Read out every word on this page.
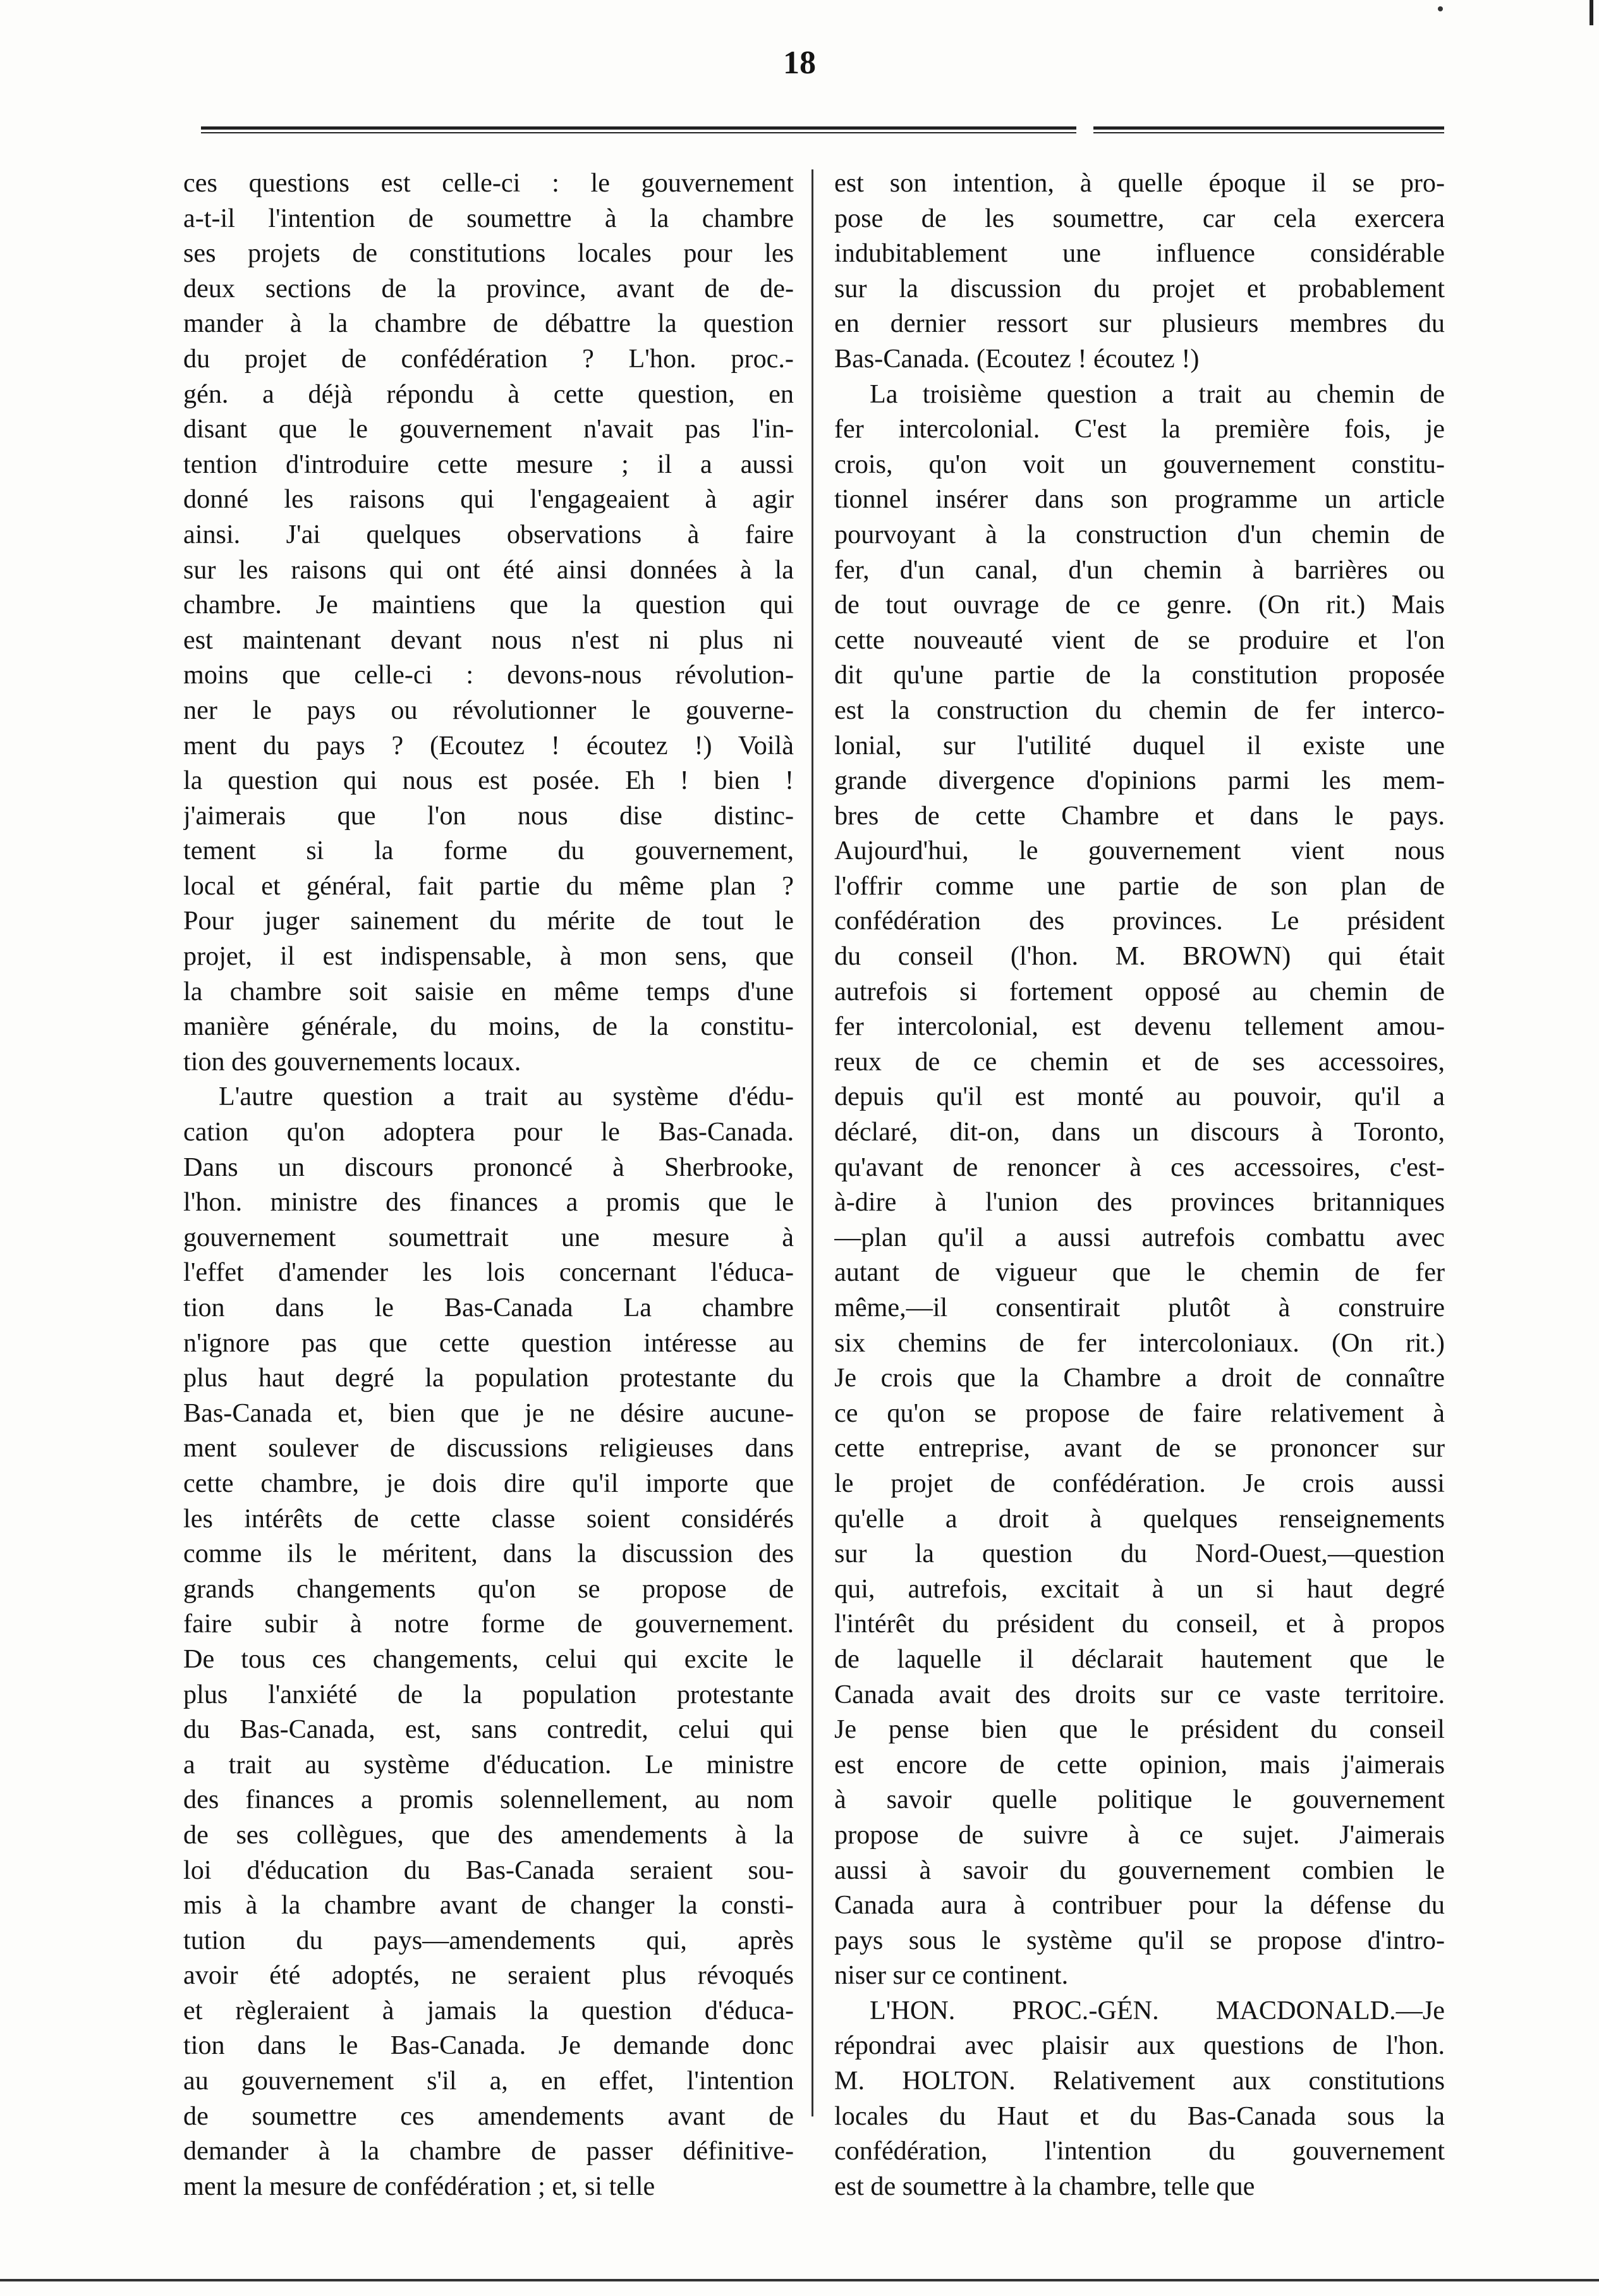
18
ces questions est celle-ci : le gouvernement
a-t-il l'intention de soumettre à la chambre
ses projets de constitutions locales pour les
deux sections de la province, avant de de-
mander à la chambre de débattre la question
du projet de confédération ? L'hon. proc.-
gén. a déjà répondu à cette question, en
disant que le gouvernement n'avait pas l'in-
tention d'introduire cette mesure ; il a aussi
donné les raisons qui l'engageaient à agir
ainsi. J'ai quelques observations à faire
sur les raisons qui ont été ainsi données à la
chambre. Je maintiens que la question qui
est maintenant devant nous n'est ni plus ni
moins que celle-ci : devons-nous révolution-
ner le pays ou révolutionner le gouverne-
ment du pays ? (Ecoutez ! écoutez !) Voilà
la question qui nous est posée. Eh ! bien !
j'aimerais que l'on nous dise distinc-
tement si la forme du gouvernement,
local et général, fait partie du même plan ?
Pour juger sainement du mérite de tout le
projet, il est indispensable, à mon sens, que
la chambre soit saisie en même temps d'une
manière générale, du moins, de la constitu-
tion des gouvernements locaux.
L'autre question a trait au système d'édu-
cation qu'on adoptera pour le Bas-Canada.
Dans un discours prononcé à Sherbrooke,
l'hon. ministre des finances a promis que le
gouvernement soumettrait une mesure à
l'effet d'amender les lois concernant l'éduca-
tion dans le Bas-Canada La chambre
n'ignore pas que cette question intéresse au
plus haut degré la population protestante du
Bas-Canada et, bien que je ne désire aucune-
ment soulever de discussions religieuses dans
cette chambre, je dois dire qu'il importe que
les intérêts de cette classe soient considérés
comme ils le méritent, dans la discussion des
grands changements qu'on se propose de
faire subir à notre forme de gouvernement.
De tous ces changements, celui qui excite le
plus l'anxiété de la population protestante
du Bas-Canada, est, sans contredit, celui qui
a trait au système d'éducation. Le ministre
des finances a promis solennellement, au nom
de ses collègues, que des amendements à la
loi d'éducation du Bas-Canada seraient sou-
mis à la chambre avant de changer la consti-
tution du pays—amendements qui, après
avoir été adoptés, ne seraient plus révoqués
et règleraient à jamais la question d'éduca-
tion dans le Bas-Canada. Je demande donc
au gouvernement s'il a, en effet, l'intention
de soumettre ces amendements avant de
demander à la chambre de passer définitive-
ment la mesure de confédération ; et, si telle
est son intention, à quelle époque il se pro-
pose de les soumettre, car cela exercera
indubitablement une influence considérable
sur la discussion du projet et probablement
en dernier ressort sur plusieurs membres du
Bas-Canada. (Ecoutez ! écoutez !)
La troisième question a trait au chemin de
fer intercolonial. C'est la première fois, je
crois, qu'on voit un gouvernement constitu-
tionnel insérer dans son programme un article
pourvoyant à la construction d'un chemin de
fer, d'un canal, d'un chemin à barrières ou
de tout ouvrage de ce genre. (On rit.) Mais
cette nouveauté vient de se produire et l'on
dit qu'une partie de la constitution proposée
est la construction du chemin de fer interco-
lonial, sur l'utilité duquel il existe une
grande divergence d'opinions parmi les mem-
bres de cette Chambre et dans le pays.
Aujourd'hui, le gouvernement vient nous
l'offrir comme une partie de son plan de
confédération des provinces. Le président
du conseil (l'hon. M. BROWN) qui était
autrefois si fortement opposé au chemin de
fer intercolonial, est devenu tellement amou-
reux de ce chemin et de ses accessoires,
depuis qu'il est monté au pouvoir, qu'il a
déclaré, dit-on, dans un discours à Toronto,
qu'avant de renoncer à ces accessoires, c'est-
à-dire à l'union des provinces britanniques
—plan qu'il a aussi autrefois combattu avec
autant de vigueur que le chemin de fer
même,—il consentirait plutôt à construire
six chemins de fer intercoloniaux. (On rit.)
Je crois que la Chambre a droit de connaître
ce qu'on se propose de faire relativement à
cette entreprise, avant de se prononcer sur
le projet de confédération. Je crois aussi
qu'elle a droit à quelques renseignements
sur la question du Nord-Ouest,—question
qui, autrefois, excitait à un si haut degré
l'intérêt du président du conseil, et à propos
de laquelle il déclarait hautement que le
Canada avait des droits sur ce vaste territoire.
Je pense bien que le président du conseil
est encore de cette opinion, mais j'aimerais
à savoir quelle politique le gouvernement
propose de suivre à ce sujet. J'aimerais
aussi à savoir du gouvernement combien le
Canada aura à contribuer pour la défense du
pays sous le système qu'il se propose d'intro-
niser sur ce continent.
L'HON. PROC.-GÉN. MACDONALD.—Je
répondrai avec plaisir aux questions de l'hon.
M. HOLTON. Relativement aux constitutions
locales du Haut et du Bas-Canada sous la
confédération, l'intention du gouvernement
est de soumettre à la chambre, telle que
